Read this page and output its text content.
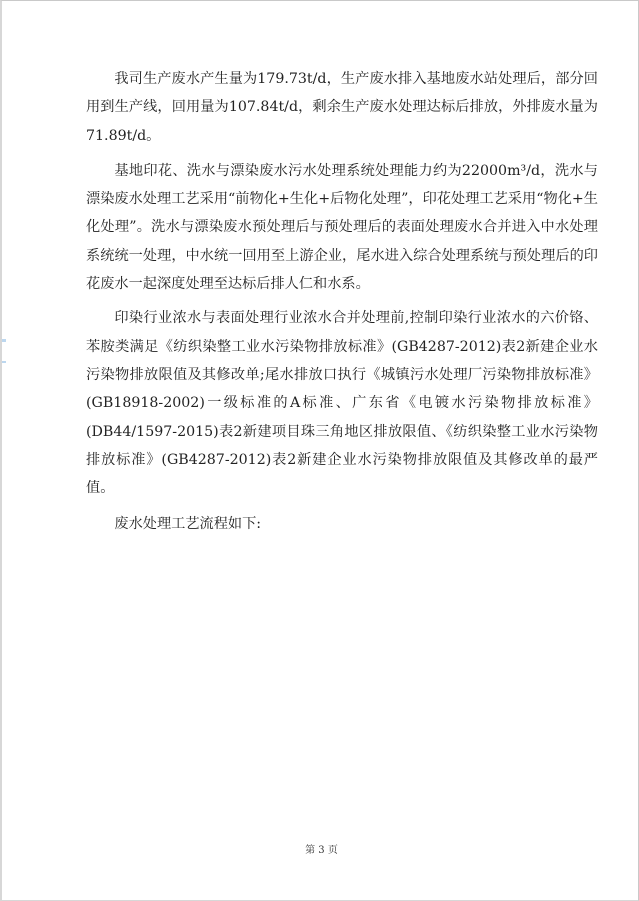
我司生产废水产生量为179.73t/d，生产废水排入基地废水站处理后，部分回用到生产线，回用量为107.84t/d，剩余生产废水处理达标后排放，外排废水量为71.89t/d。

基地印花、洗水与漂染废水污水处理系统处理能力约为22000m³/d，洗水与漂染废水处理工艺采用“前物化+生化+后物化处理”，印花处理工艺采用“物化+生化处理”。洗水与漂染废水预处理后与预处理后的表面处理废水合并进入中水处理系统统一处理，中水统一回用至上游企业，尾水进入综合处理系统与预处理后的印花废水一起深度处理至达标后排人仁和水系。

印染行业浓水与表面处理行业浓水合并处理前,控制印染行业浓水的六价铬、苯胺类满足《纺织染整工业水污染物排放标准》(GB4287-2012)表2新建企业水污染物排放限值及其修改单;尾水排放口执行《城镇污水处理厂污染物排放标准》(GB18918-2002)一级标准的A标准、广东省《电镀水污染物排放标准》(DB44/1597-2015)表2新建项目珠三角地区排放限值、《纺织染整工业水污染物排放标准》(GB4287-2012)表2新建企业水污染物排放限值及其修改单的最严值。

废水处理工艺流程如下:

第 3 页
